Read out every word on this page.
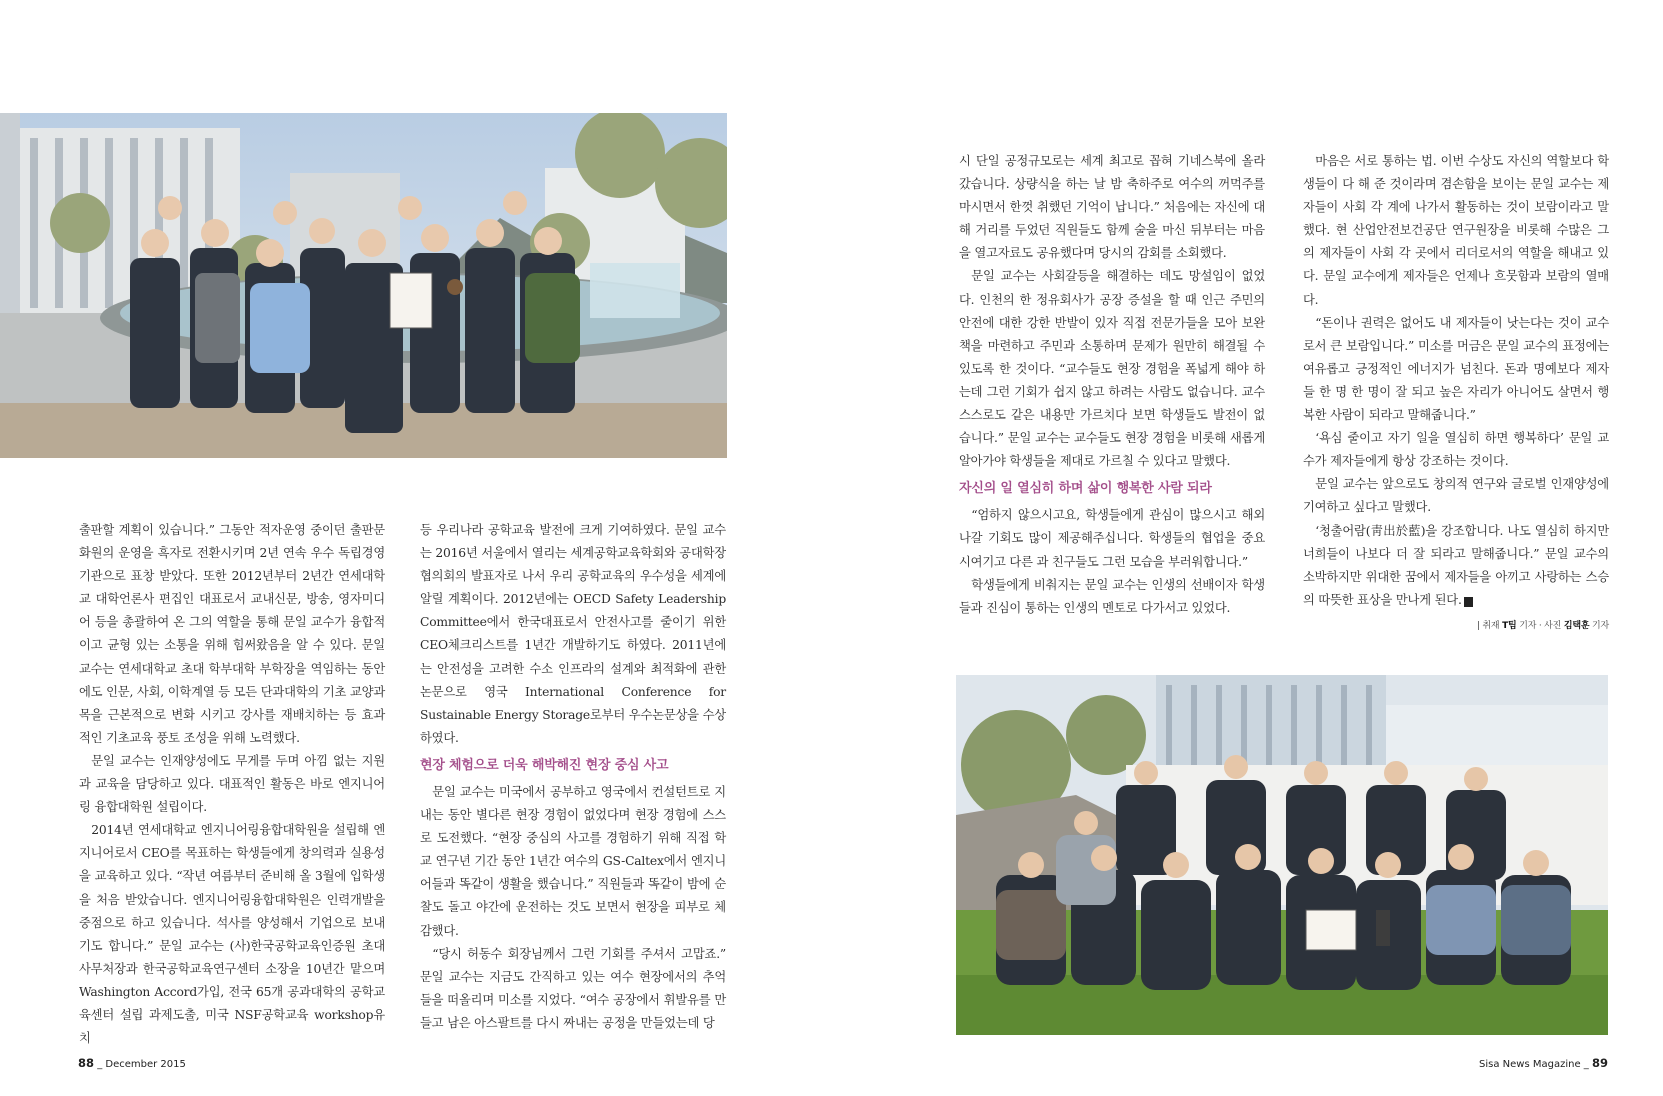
출판할 계획이 있습니다.” 그동안 적자운영 중이던 출판문화원의 운영을 흑자로 전환시키며 2년 연속 우수 독립경영 기관으로 표창 받았다. 또한 2012년부터 2년간 연세대학교 대학언론사 편집인 대표로서 교내신문, 방송, 영자미디어 등을 총괄하여 온 그의 역할을 통해 문일 교수가 융합적이고 균형 있는 소통을 위해 힘써왔음을 알 수 있다. 문일 교수는 연세대학교 초대 학부대학 부학장을 역임하는 동안에도 인문, 사회, 이학계열 등 모든 단과대학의 기초 교양과목을 근본적으로 변화 시키고 강사를 재배치하는 등 효과적인 기초교육 풍토 조성을 위해 노력했다.

문일 교수는 인재양성에도 무게를 두며 아낌 없는 지원과 교육을 담당하고 있다. 대표적인 활동은 바로 엔지니어링 융합대학원 설립이다.

2014년 연세대학교 엔지니어링융합대학원을 설립해 엔지니어로서 CEO를 목표하는 학생들에게 창의력과 실용성을 교육하고 있다. “작년 여름부터 준비해 올 3월에 입학생을 처음 받았습니다. 엔지니어링융합대학원은 인력개발을 중점으로 하고 있습니다. 석사를 양성해서 기업으로 보내기도 합니다.” 문일 교수는 (사)한국공학교육인증원 초대 사무처장과 한국공학교육연구센터 소장을 10년간 맡으며 Washington Accord가입, 전국 65개 공과대학의 공학교육센터 설립 과제도출, 미국 NSF공학교육 workshop유치

등 우리나라 공학교육 발전에 크게 기여하였다. 문일 교수는 2016년 서울에서 열리는 세계공학교육학회와 공대학장협의회의 발표자로 나서 우리 공학교육의 우수성을 세계에 알릴 계획이다. 2012년에는 OECD Safety Leadership Committee에서 한국대표로서 안전사고를 줄이기 위한 CEO체크리스트를 1년간 개발하기도 하였다. 2011년에는 안전성을 고려한 수소 인프라의 설계와 최적화에 관한 논문으로 영국 International Conference for Sustainable Energy Storage로부터 우수논문상을 수상하였다.

현장 체험으로 더욱 해박해진 현장 중심 사고

문일 교수는 미국에서 공부하고 영국에서 컨설턴트로 지내는 동안 별다른 현장 경험이 없었다며 현장 경험에 스스로 도전했다. “현장 중심의 사고를 경험하기 위해 직접 학교 연구년 기간 동안 1년간 여수의 GS-Caltex에서 엔지니어들과 똑같이 생활을 했습니다.” 직원들과 똑같이 밤에 순찰도 돌고 야간에 운전하는 것도 보면서 현장을 피부로 체감했다.

“당시 허동수 회장님께서 그런 기회를 주셔서 고맙죠.” 문일 교수는 지금도 간직하고 있는 여수 현장에서의 추억들을 떠올리며 미소를 지었다. “여수 공장에서 휘발유를 만들고 남은 아스팔트를 다시 짜내는 공정을 만들었는데 당

시 단일 공정규모로는 세계 최고로 꼽혀 기네스북에 올라갔습니다. 상량식을 하는 날 밤 축하주로 여수의 꺼먹주를 마시면서 한껏 취했던 기억이 납니다.” 처음에는 자신에 대해 거리를 두었던 직원들도 함께 술을 마신 뒤부터는 마음을 열고자료도 공유했다며 당시의 감회를 소회했다.

문일 교수는 사회갈등을 해결하는 데도 망설임이 없었다. 인천의 한 정유회사가 공장 증설을 할 때 인근 주민의 안전에 대한 강한 반발이 있자 직접 전문가들을 모아 보완책을 마련하고 주민과 소통하며 문제가 원만히 해결될 수 있도록 한 것이다. “교수들도 현장 경험을 폭넓게 해야 하는데 그런 기회가 쉽지 않고 하려는 사람도 없습니다. 교수 스스로도 같은 내용만 가르치다 보면 학생들도 발전이 없습니다.” 문일 교수는 교수들도 현장 경험을 비롯해 새롭게 알아가야 학생들을 제대로 가르칠 수 있다고 말했다.

자신의 일 열심히 하며 삶이 행복한 사람 되라

“엄하지 않으시고요, 학생들에게 관심이 많으시고 해외 나갈 기회도 많이 제공해주십니다. 학생들의 협업을 중요시여기고 다른 과 친구들도 그런 모습을 부러워합니다.”

학생들에게 비춰지는 문일 교수는 인생의 선배이자 학생들과 진심이 통하는 인생의 멘토로 다가서고 있었다.

마음은 서로 통하는 법. 이번 수상도 자신의 역할보다 학생들이 다 해 준 것이라며 겸손함을 보이는 문일 교수는 제자들이 사회 각 계에 나가서 활동하는 것이 보람이라고 말했다. 현 산업안전보건공단 연구원장을 비롯해 수많은 그의 제자들이 사회 각 곳에서 리더로서의 역할을 해내고 있다. 문일 교수에게 제자들은 언제나 흐뭇함과 보람의 열매다.

“돈이나 권력은 없어도 내 제자들이 낫는다는 것이 교수로서 큰 보람입니다.” 미소를 머금은 문일 교수의 표정에는 여유롭고 긍정적인 에너지가 넘친다. 돈과 명예보다 제자들 한 명 한 명이 잘 되고 높은 자리가 아니어도 살면서 행복한 사람이 되라고 말해줍니다.”

‘욕심 줄이고 자기 일을 열심히 하면 행복하다’ 문일 교수가 제자들에게 항상 강조하는 것이다.

문일 교수는 앞으로도 창의적 연구와 글로벌 인재양성에 기여하고 싶다고 말했다.

‘청출어람(靑出於藍)을 강조합니다. 나도 열심히 하지만 너희들이 나보다 더 잘 되라고 말해줍니다.” 문일 교수의 소박하지만 위대한 꿈에서 제자들을 아끼고 사랑하는 스승의 따뜻한 표상을 만나게 된다. S

| 취재 T팀 기자 · 사진 김택훈 기자
88 _ December 2015	Sisa News Magazine _ 89
